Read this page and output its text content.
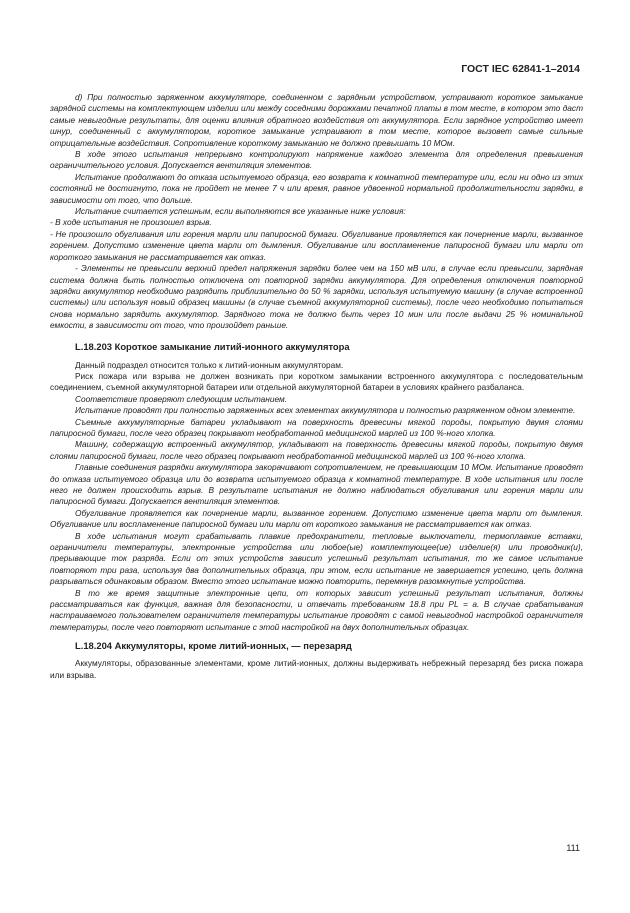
ГОСТ IEC 62841-1–2014

d) При полностью заряженном аккумуляторе, соединенном с зарядным устройством, устраивают короткое замыкание зарядной системы на комплектующем изделии или между соседними дорожками печатной платы в том месте, в котором это даст самые невыгодные результаты, для оценки влияния обратного воздействия от аккумулятора. Если зарядное устройство имеет шнур, соединенный с аккумулятором, короткое замыкание устраивают в том месте, которое вызовет самые сильные отрицательные воздействия. Сопротивление короткому замыканию не должно превышать 10 МОм.

В ходе этого испытания непрерывно контролируют напряжение каждого элемента для определения превышения ограничительного условия. Допускается вентиляция элементов.

Испытание продолжают до отказа испытуемого образца, его возврата к комнатной температуре или, если ни одно из этих состояний не достигнуто, пока не пройдет не менее 7 ч или время, равное удвоенной нормальной продолжительности зарядки, в зависимости от того, что дольше.

Испытание считается успешным, если выполняются все указанные ниже условия:

- В ходе испытания не произошел взрыв.

- Не произошло обугливания или горения марли или папиросной бумаги. Обугливание проявляется как почернение марли, вызванное горением. Допустимо изменение цвета марли от дымления. Обугливание или воспламенение папиросной бумаги или марли от короткого замыкания не рассматривается как отказ.

- Элементы не превысили верхний предел напряжения зарядки более чем на 150 мВ или, в случае если превысили, зарядная система должна быть полностью отключена от повторной зарядки аккумулятора. Для определения отключения повторной зарядки аккумулятор необходимо разрядить приблизительно до 50 % зарядки, используя испытуемую машину (в случае встроенной системы) или используя новый образец машины (в случае съемной аккумуляторной системы), после чего необходимо попытаться снова нормально зарядить аккумулятор. Зарядного тока не должно быть через 10 мин или после выдачи 25 % номинальной емкости, в зависимости от того, что произойдет раньше.

L.18.203 Короткое замыкание литий-ионного аккумулятора

Данный подраздел относится только к литий-ионным аккумуляторам.

Риск пожара или взрыва не должен возникать при коротком замыкании встроенного аккумулятора с последовательным соединением, съемной аккумуляторной батареи или отдельной аккумуляторной батареи в условиях крайнего разбаланса.

Соответствие проверяют следующим испытанием.

Испытание проводят при полностью заряженных всех элементах аккумулятора и полностью разряженном одном элементе.

Съемные аккумуляторные батареи укладывают на поверхность древесины мягкой породы, покрытую двумя слоями папиросной бумаги, после чего образец покрывают необработанной медицинской марлей из 100 %-ного хлопка.

Машину, содержащую встроенный аккумулятор, укладывают на поверхность древесины мягкой породы, покрытую двумя слоями папиросной бумаги, после чего образец покрывают необработанной медицинской марлей из 100 %-ного хлопка.

Главные соединения разрядки аккумулятора закорачивают сопротивлением, не превышающим 10 МОм. Испытание проводят до отказа испытуемого образца или до возврата испытуемого образца к комнатной температуре. В ходе испытания или после него не должен происходить взрыв. В результате испытания не должно наблюдаться обугливания или горения марли или папиросной бумаги. Допускается вентиляция элементов.

Обугливание проявляется как почернение марли, вызванное горением. Допустимо изменение цвета марли от дымления. Обугливание или воспламенение папиросной бумаги или марли от короткого замыкания не рассматривается как отказ.

В ходе испытания могут срабатывать плавкие предохранители, тепловые выключатели, термоплавкие вставки, ограничители температуры, электронные устройства или любое(ые) комплектующее(ие) изделие(я) или проводник(и), прерывающие ток разряда. Если от этих устройств зависит успешный результат испытания, то же самое испытание повторяют три раза, используя два дополнительных образца, при этом, если испытание не завершается успешно, цепь должна разрываться одинаковым образом. Вместо этого испытание можно повторить, перемкнув разомкнутые устройства.

В то же время защитные электронные цепи, от которых зависит успешный результат испытания, должны рассматриваться как функция, важная для безопасности, и отвечать требованиям 18.8 при PL = a. В случае срабатывания настраиваемого пользователем ограничителя температуры испытание проводят с самой невыгодной настройкой ограничителя температуры, после чего повторяют испытание с этой настройкой на двух дополнительных образцах.

L.18.204 Аккумуляторы, кроме литий-ионных, — перезаряд

Аккумуляторы, образованные элементами, кроме литий-ионных, должны выдерживать небрежный перезаряд без риска пожара или взрыва.

111
